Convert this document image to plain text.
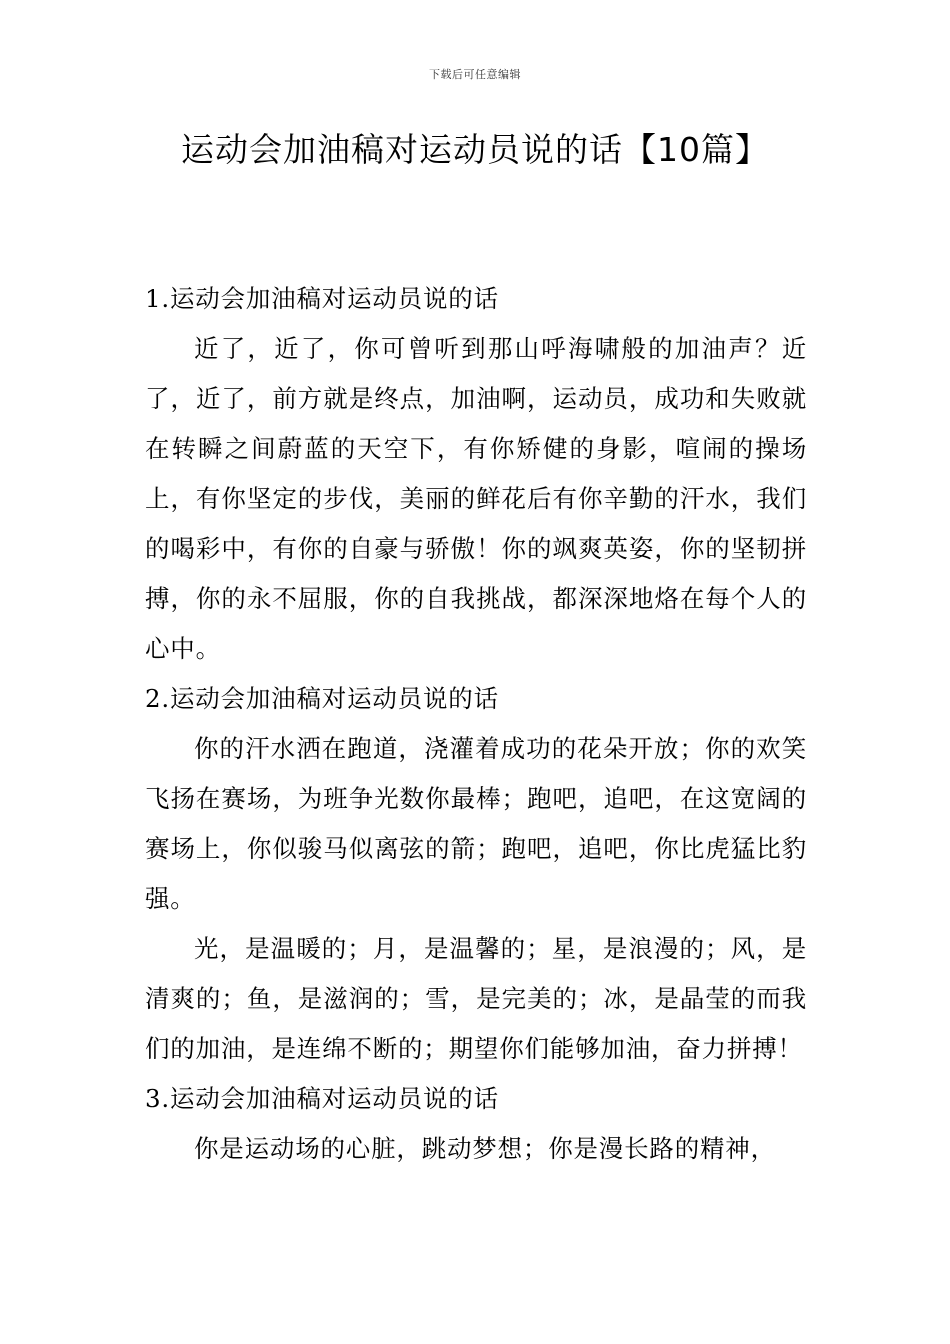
下载后可任意编辑
运动会加油稿对运动员说的话【10篇】

1.运动会加油稿对运动员说的话

近了，近了，你可曾听到那山呼海啸般的加油声？近了，近了，前方就是终点，加油啊，运动员，成功和失败就在转瞬之间蔚蓝的天空下，有你矫健的身影，喧闹的操场上，有你坚定的步伐，美丽的鲜花后有你辛勤的汗水，我们的喝彩中，有你的自豪与骄傲！你的飒爽英姿，你的坚韧拼搏，你的永不屈服，你的自我挑战，都深深地烙在每个人的心中。

2.运动会加油稿对运动员说的话

你的汗水洒在跑道，浇灌着成功的花朵开放；你的欢笑飞扬在赛场，为班争光数你最棒；跑吧，追吧，在这宽阔的赛场上，你似骏马似离弦的箭；跑吧，追吧，你比虎猛比豹强。

光，是温暖的；月，是温馨的；星，是浪漫的；风，是清爽的；鱼，是滋润的；雪，是完美的；冰，是晶莹的而我们的加油，是连绵不断的；期望你们能够加油，奋力拼搏！

3.运动会加油稿对运动员说的话

你是运动场的心脏，跳动梦想；你是漫长路的精神，
